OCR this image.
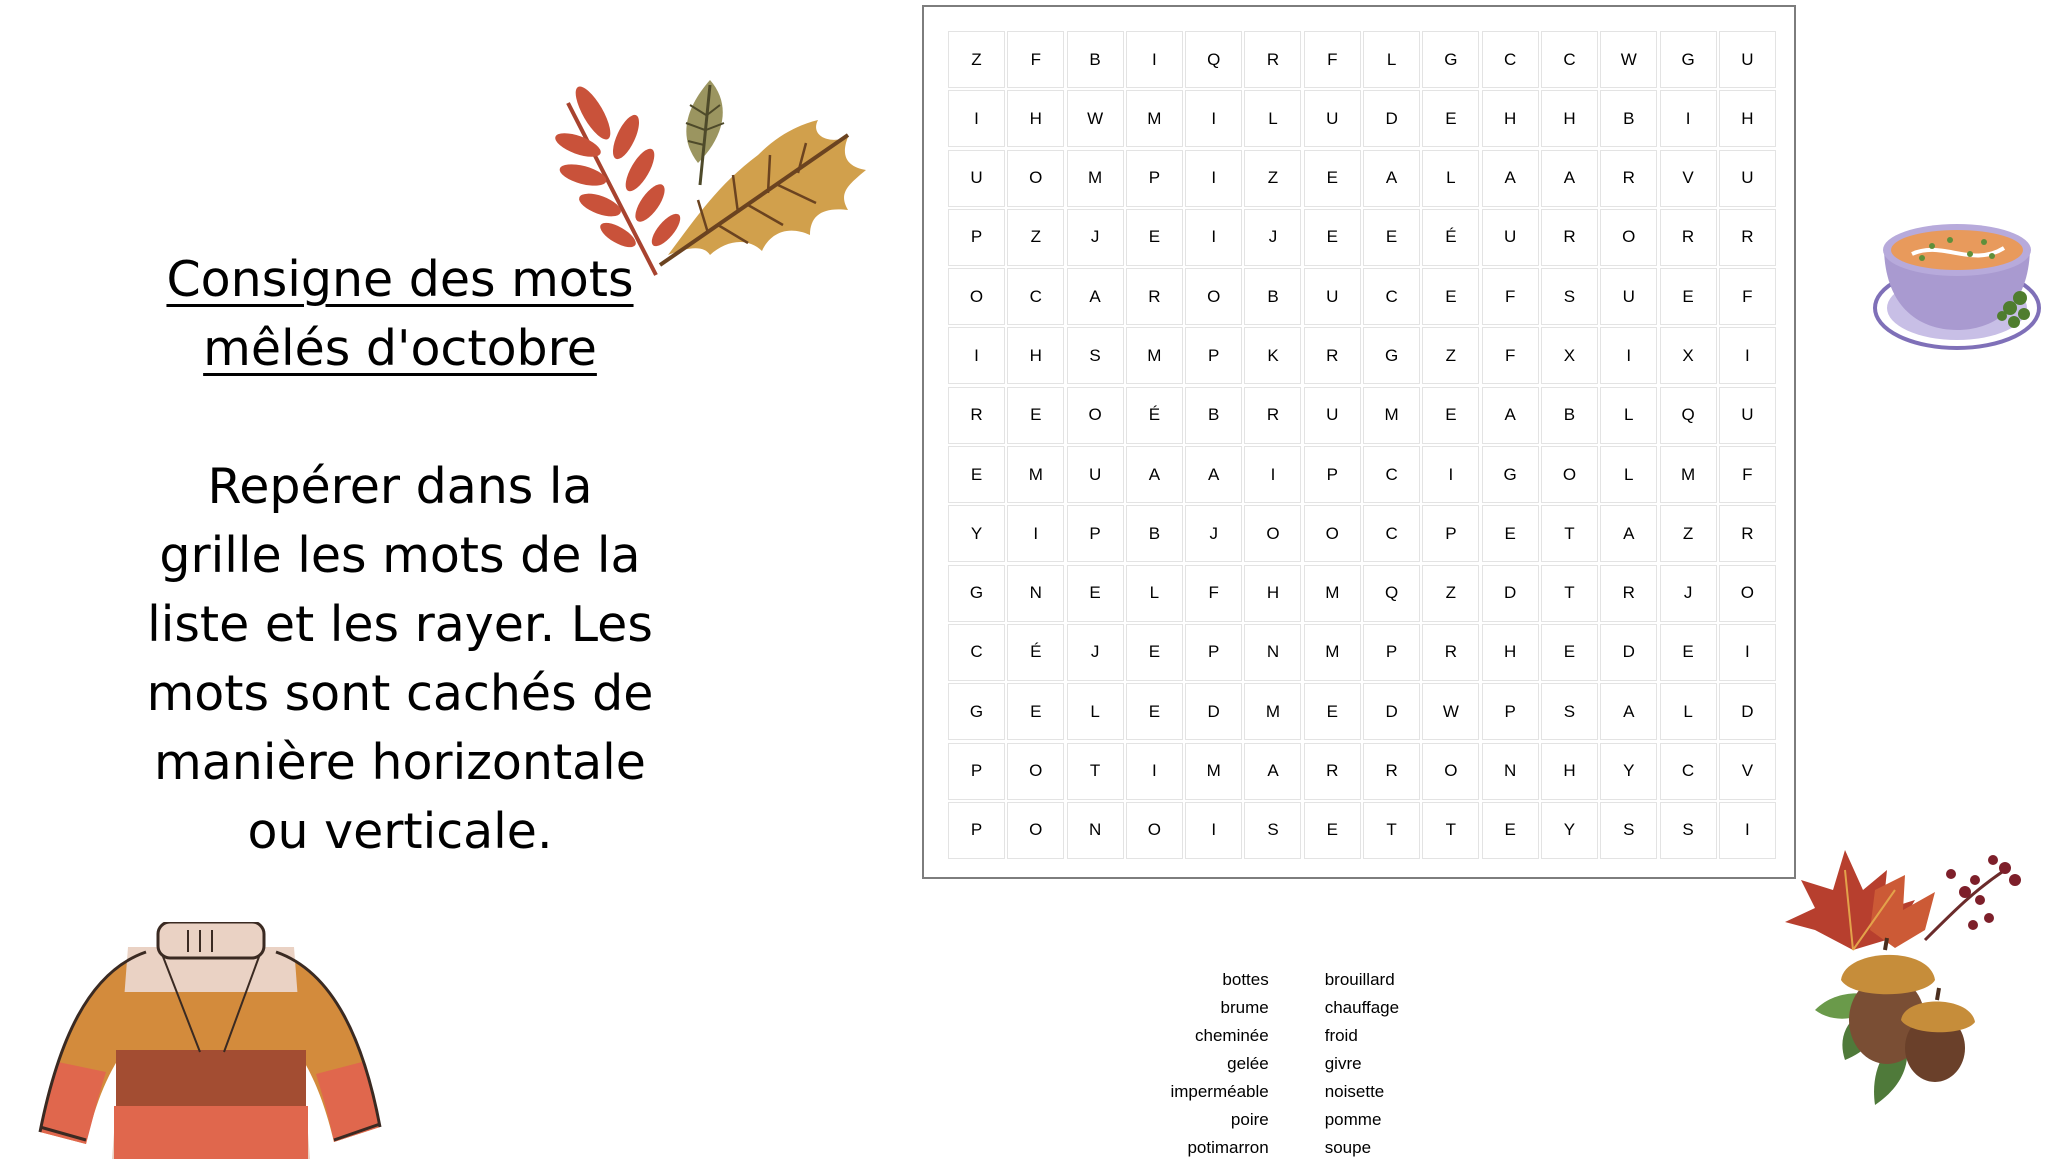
Consigne des mots
mêlés d'octobre
Repérer dans la
grille les mots de la
liste et les rayer. Les
mots sont cachés de
manière horizontale
ou verticale.
Z	F	B	I	Q	R	F	L	G	C	C	W	G	U
I	H	W	M	I	L	U	D	E	H	H	B	I	H
U	O	M	P	I	Z	E	A	L	A	A	R	V	U
P	Z	J	E	I	J	E	E	É	U	R	O	R	R
O	C	A	R	O	B	U	C	E	F	S	U	E	F
I	H	S	M	P	K	R	G	Z	F	X	I	X	I
R	E	O	É	B	R	U	M	E	A	B	L	Q	U
E	M	U	A	A	I	P	C	I	G	O	L	M	F
Y	I	P	B	J	O	O	C	P	E	T	A	Z	R
G	N	E	L	F	H	M	Q	Z	D	T	R	J	O
C	É	J	E	P	N	M	P	R	H	E	D	E	I
G	E	L	E	D	M	E	D	W	P	S	A	L	D
P	O	T	I	M	A	R	R	O	N	H	Y	C	V
P	O	N	O	I	S	E	T	T	E	Y	S	S	I
bottes
brume
cheminée
gelée
imperméable
poire
potimarron
brouillard
chauffage
froid
givre
noisette
pomme
soupe
